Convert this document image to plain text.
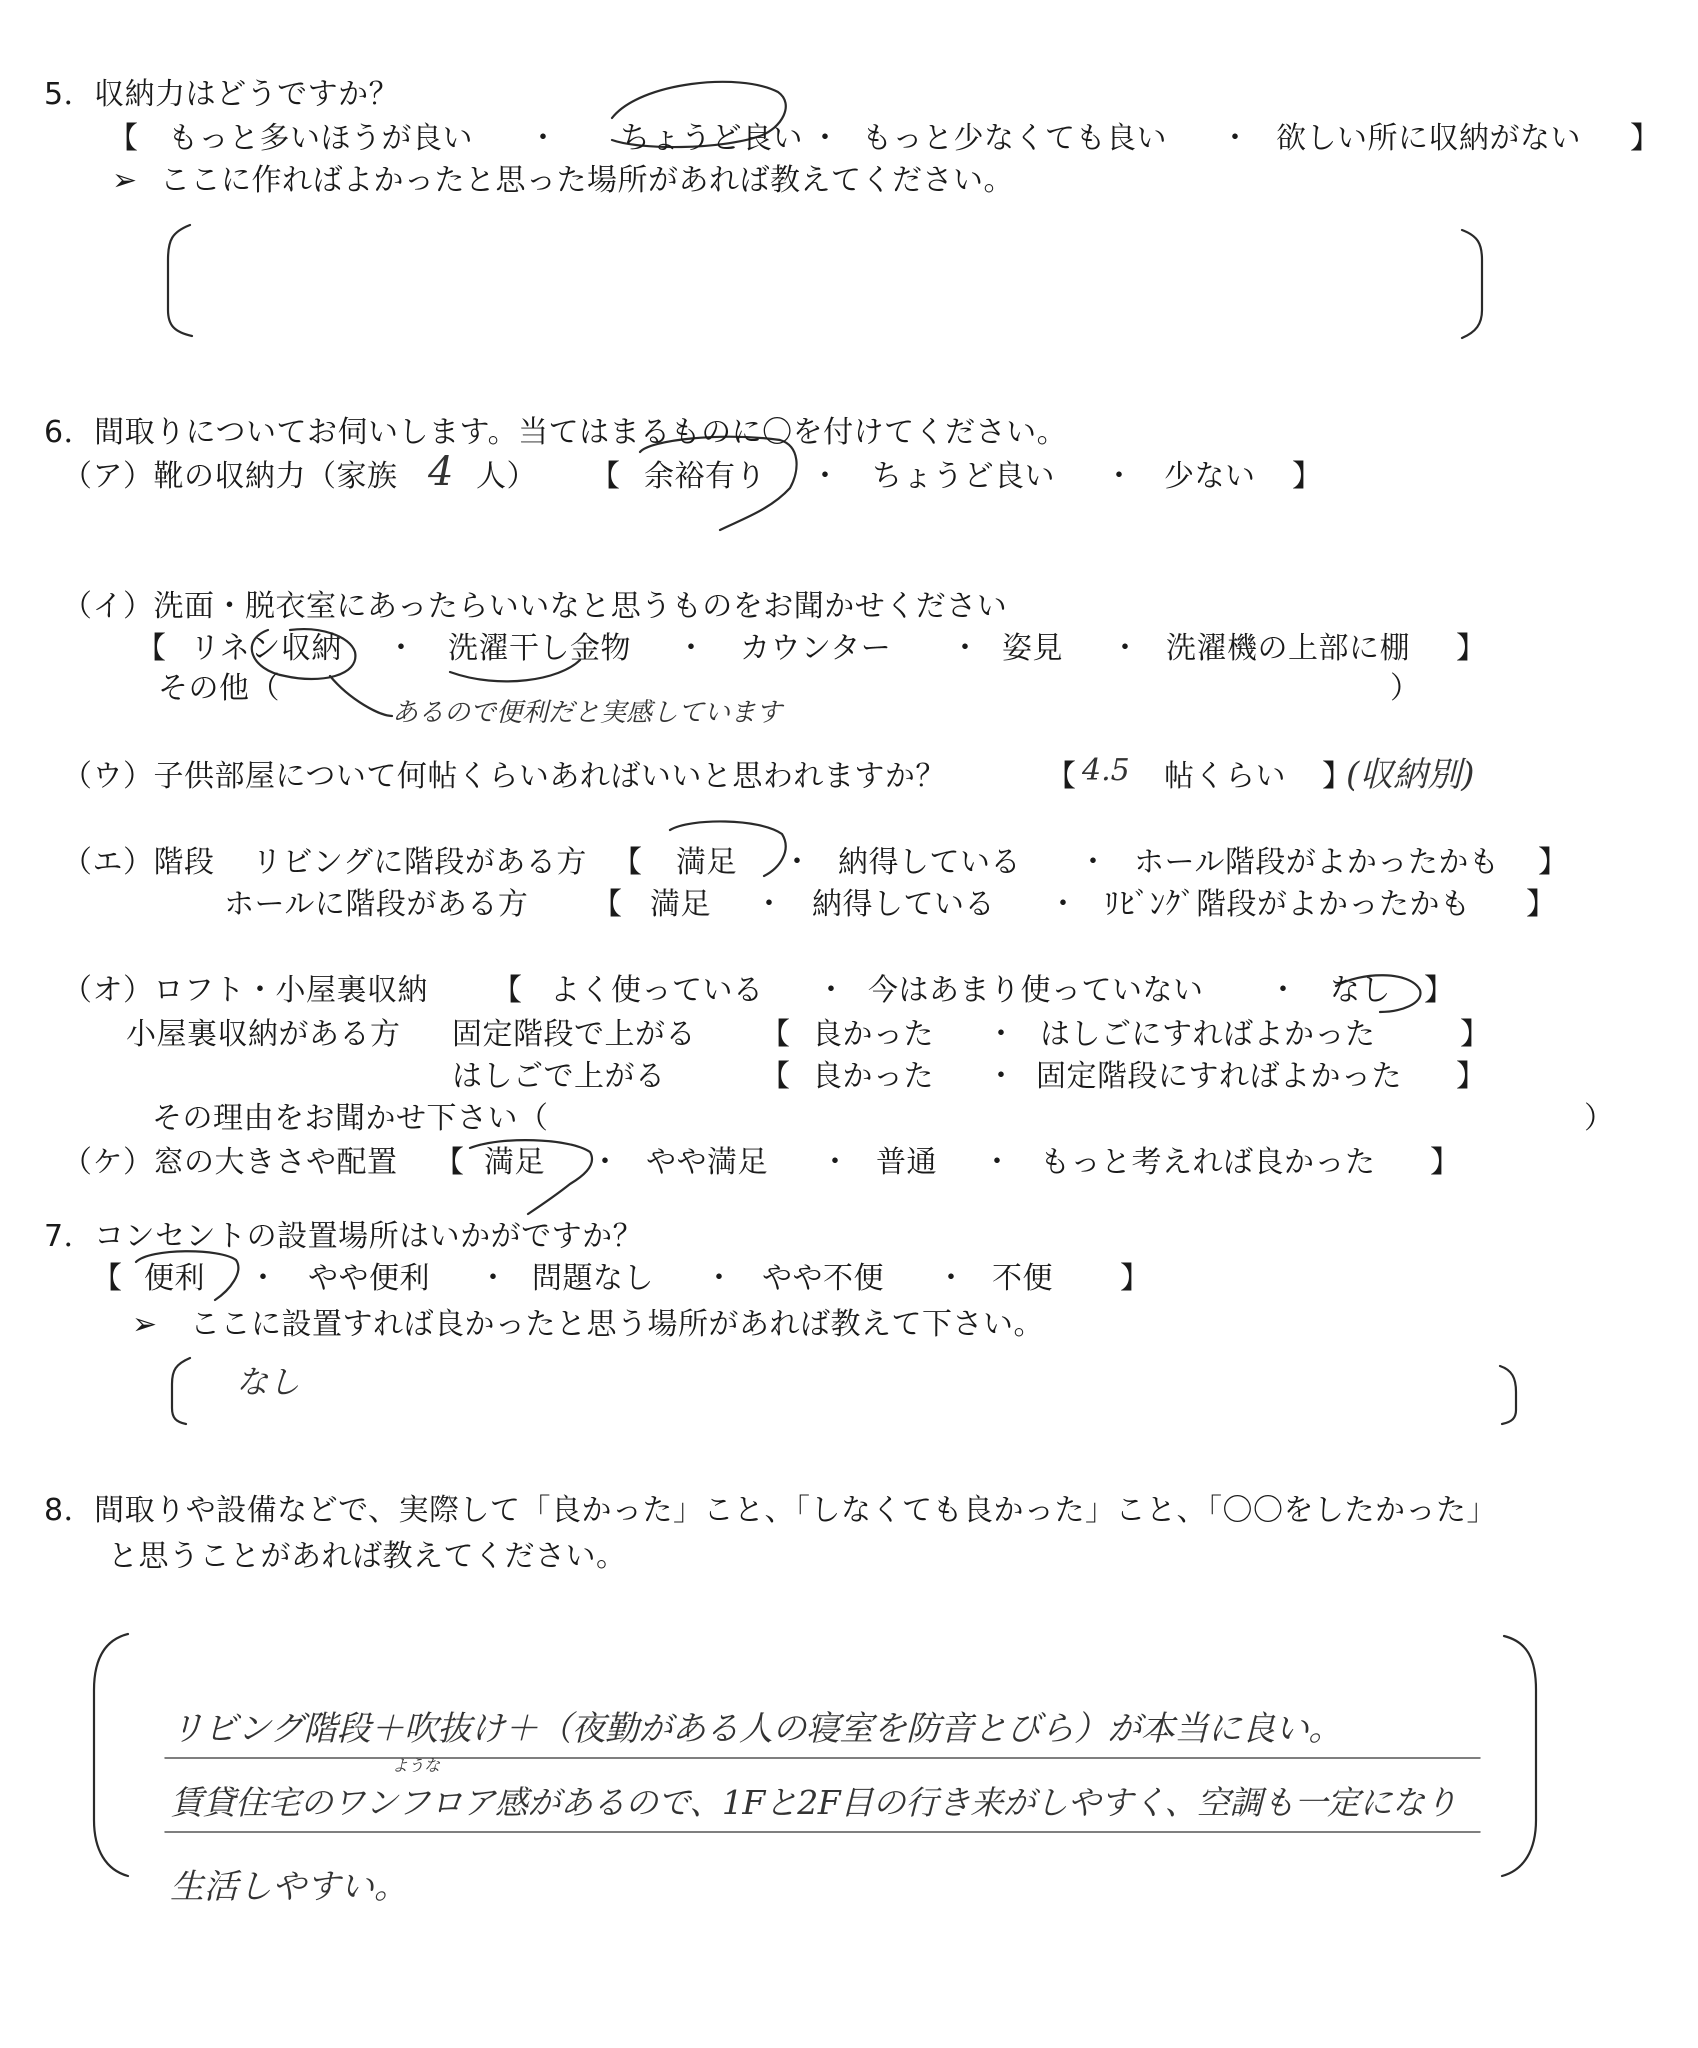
5．収納力はどうですか？
【 もっと多いほうが良い ・ ちょうど良い ・ もっと少なくても良い ・ 欲しい所に収納がない 】
➢ ここに作ればよかったと思った場所があれば教えてください。
6．間取りについてお伺いします。当てはまるものに〇を付けてください。
（ア）靴の収納力（家族 4 人） 【 余裕有り ・ ちょうど良い ・ 少ない 】
（イ）洗面・脱衣室にあったらいいなと思うものをお聞かせください
【 リネン収納 ・ 洗濯干し金物 ・ カウンター ・ 姿見 ・ 洗濯機の上部に棚 】
その他（
あるので便利だと実感しています
）
（ウ）子供部屋について何帖くらいあればいいと思われますか？	【 4.5 帖くらい 】
(収納別)
（エ）階段 リビングに階段がある方 【 満足 ・ 納得している ・ ホール階段がよかったかも 】
ホールに階段がある方 【 満足 ・ 納得している ・ ﾘﾋﾞﾝｸﾞ階段がよかったかも 】
（オ）ロフト・小屋裏収納 【 よく使っている ・ 今はあまり使っていない ・ なし 】
小屋裏収納がある方 固定階段で上がる 【 良かった ・ はしごにすればよかった	】
はしごで上がる	【 良かった ・ 固定階段にすればよかった 】
その理由をお聞かせ下さい（	）
（ケ）窓の大きさや配置 【 満足 ・ やや満足 ・ 普通 ・ もっと考えれば良かった 】
7．コンセントの設置場所はいかがですか？
【 便利 ・ やや便利 ・ 問題なし ・ やや不便 ・ 不便 】
➢ ここに設置すれば良かったと思う場所があれば教えて下さい。
なし
8．間取りや設備などで、実際して「良かった」こと、「しなくても良かった」こと、「〇〇をしたかった」
と思うことがあれば教えてください。
リビング階段＋吹抜け＋（夜勤がある人の寝室を防音とびら）が本当に良い。
ような
賃貸住宅のワンフロア感があるので、1Fと2F目の行き来がしやすく、空調も一定になり
生活しやすい。
